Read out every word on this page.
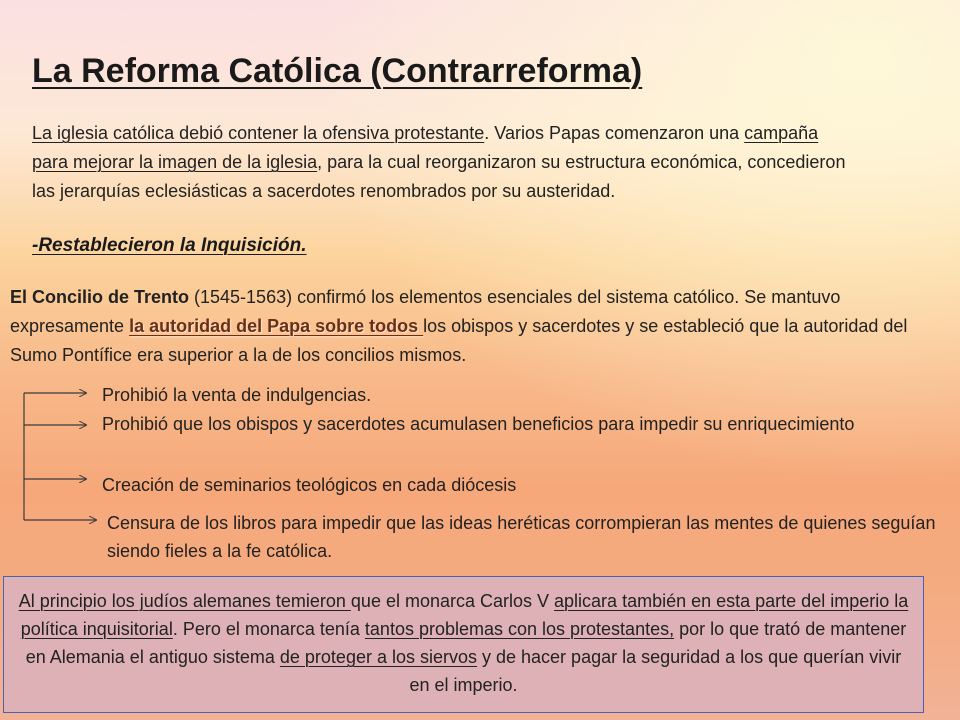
La Reforma Católica (Contrarreforma)

La iglesia católica debió contener la ofensiva protestante. Varios Papas comenzaron una campaña para mejorar la imagen de la iglesia, para la cual reorganizaron su estructura económica, concedieron las jerarquías eclesiásticas a sacerdotes renombrados por su austeridad.

-Restablecieron la Inquisición.

El Concilio de Trento (1545-1563) confirmó los elementos esenciales del sistema católico. Se mantuvo expresamente la autoridad del Papa sobre todos los obispos y sacerdotes y se estableció que la autoridad del Sumo Pontífice era superior a la de los concilios mismos.

Prohibió la venta de indulgencias.

Prohibió que los obispos y sacerdotes acumulasen beneficios para impedir su enriquecimiento

Creación de seminarios teológicos en cada diócesis

Censura de los libros para impedir que las ideas heréticas corrompieran las mentes de quienes seguían siendo fieles a la fe católica.

Al principio los judíos alemanes temieron que el monarca Carlos V aplicara también en esta parte del imperio la política inquisitorial. Pero el monarca tenía tantos problemas con los protestantes, por lo que trató de mantener en Alemania el antiguo sistema de proteger a los siervos y de hacer pagar la seguridad a los que querían vivir en el imperio.
